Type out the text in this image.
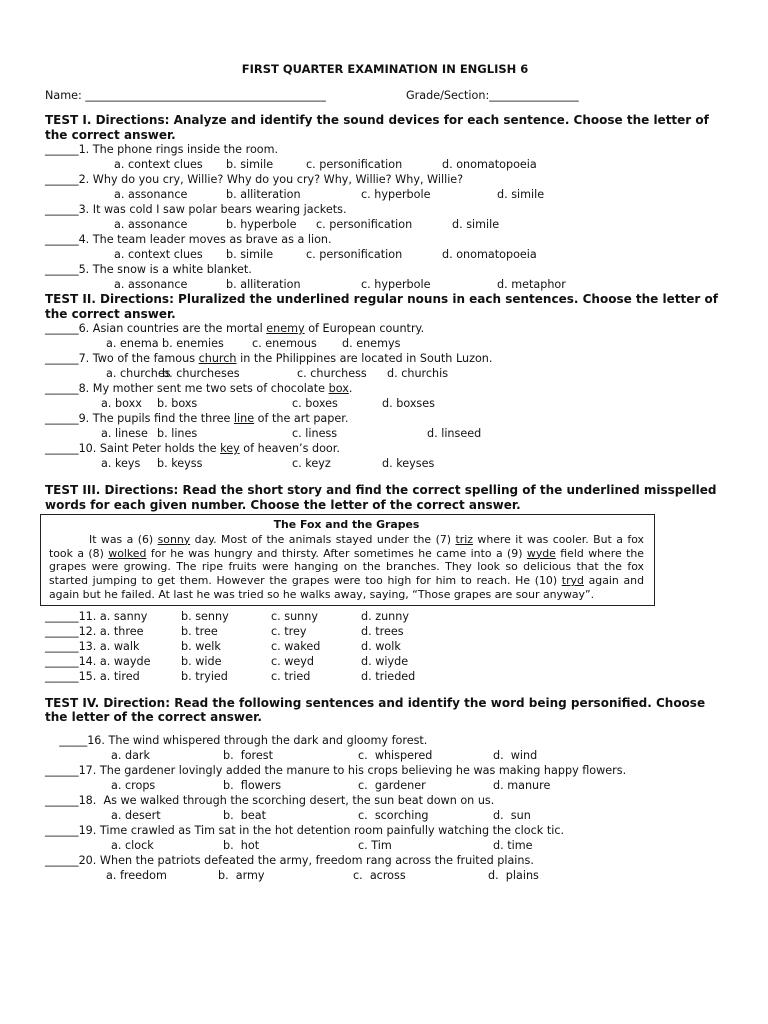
FIRST QUARTER EXAMINATION IN ENGLISH 6
Name: ___________________________________________	Grade/Section:________________
TEST I. Directions: Analyze and identify the sound devices for each sentence. Choose the letter of the correct answer.
______1. The phone rings inside the room.
a. context clues	b. simile	c. personification	d. onomatopoeia
______2. Why do you cry, Willie? Why do you cry? Why, Willie? Why, Willie?
a. assonance	b. alliteration	c. hyperbole	d. simile
______3. It was cold I saw polar bears wearing jackets.
a. assonance	b. hyperbole	c. personification	d. simile
______4. The team leader moves as brave as a lion.
a. context clues	b. simile	c. personification	d. onomatopoeia
______5. The snow is a white blanket.
a. assonance	b. alliteration	c. hyperbole	d. metaphor
TEST II. Directions: Pluralized the underlined regular nouns in each sentences. Choose the letter of the correct answer.
______6. Asian countries are the mortal enemy of European country.
a. enema b. enemies	c. enemous	d. enemys
______7. Two of the famous church in the Philippines are located in South Luzon.
a. churches
b. churcheses	c. churchess	d. churchis
______8. My mother sent me two sets of chocolate box.
a. boxx	b. boxs	c. boxes	d. boxses
______9. The pupils find the three line of the art paper.
a. linese b. lines	c. liness	d. linseed
______10. Saint Peter holds the key of heaven’s door.
a. keys	b. keyss	c. keyz	d. keyses
TEST III. Directions: Read the short story and find the correct spelling of the underlined misspelled words for each given number. Choose the letter of the correct answer.
The Fox and the Grapes
It was a (6) sonny day. Most of the animals stayed under the (7) triz where it was cooler. But a fox took a (8) wolked for he was hungry and thirsty. After sometimes he came into a (9) wyde field where the grapes were growing. The ripe fruits were hanging on the branches. They look so delicious that the fox started jumping to get them. However the grapes were too high for him to reach. He (10) tryd again and again but he failed. At last he was tried so he walks away, saying, “Those grapes are sour anyway”.
______11. a. sanny	b. senny	c. sunny	d. zunny
______12. a. three	b. tree	c. trey	d. trees
______13. a. walk	b. welk	c. waked	d. wolk
______14. a. wayde	b. wide	c. weyd	d. wiyde
______15. a. tired	b. tryied	c. tried	d. trieded
TEST IV. Direction: Read the following sentences and identify the word being personified. Choose the letter of the correct answer.
_____16. The wind whispered through the dark and gloomy forest.
a. dark	b.  forest	c.  whispered	d.  wind
______17. The gardener lovingly added the manure to his crops believing he was making happy flowers.
a. crops	b.  flowers	c.  gardener	d. manure
______18.  As we walked through the scorching desert, the sun beat down on us.
a. desert	b.  beat	c.  scorching	d.  sun
______19. Time crawled as Tim sat in the hot detention room painfully watching the clock tic.
a. clock	b.  hot	c. Tim	d. time
______20. When the patriots defeated the army, freedom rang across the fruited plains.
a. freedom	b.  army	c.  across	d.  plains
